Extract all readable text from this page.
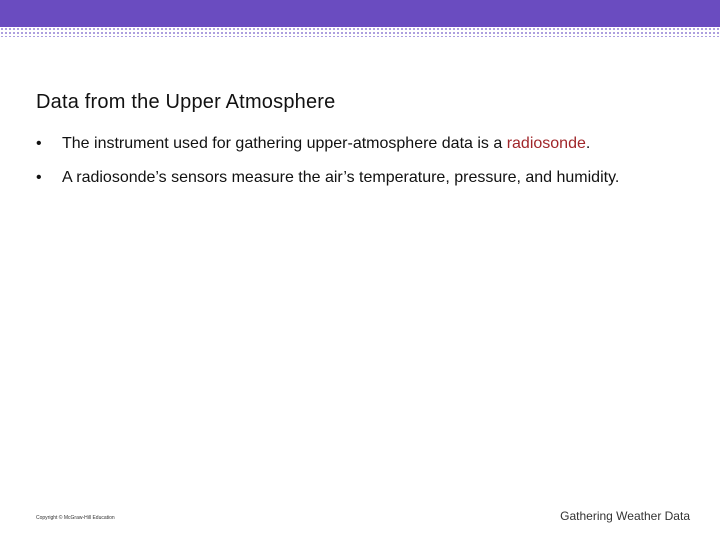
Data from the Upper Atmosphere
• The instrument used for gathering upper-atmosphere data is a radiosonde.
• A radiosonde’s sensors measure the air’s temperature, pressure, and humidity.
Copyright © McGraw-Hill Education	Gathering Weather Data
